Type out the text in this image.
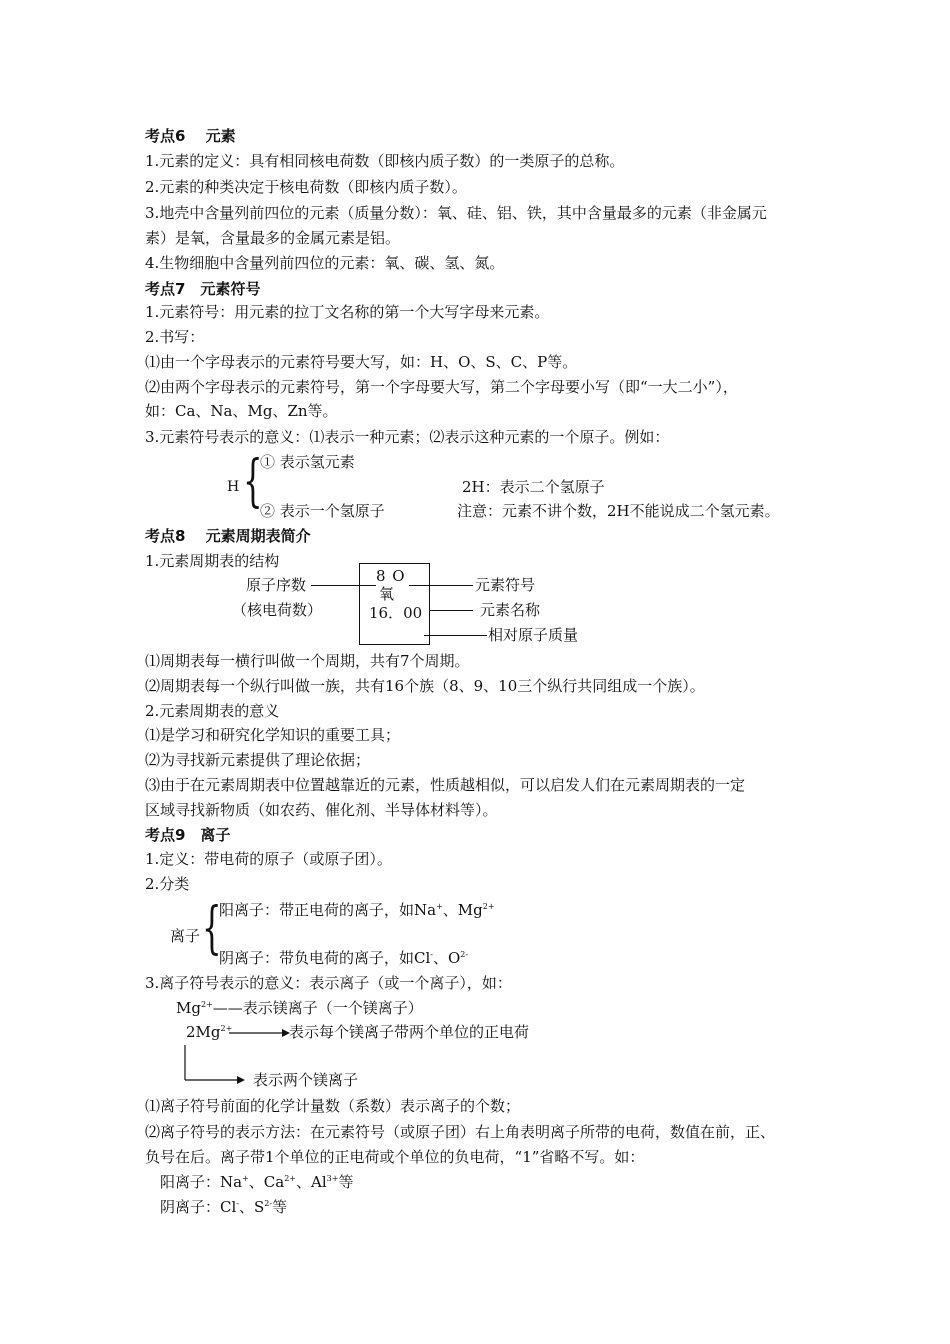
考点6　 元素
1.元素的定义：具有相同核电荷数（即核内质子数）的一类原子的总称。
2.元素的种类决定于核电荷数（即核内质子数）。
3.地壳中含量列前四位的元素（质量分数）：氧、硅、铝、铁，其中含量最多的元素（非金属元
素）是氧，含量最多的金属元素是铝。
4.生物细胞中含量列前四位的元素：氧、碳、氢、氮。
考点7　元素符号
1.元素符号：用元素的拉丁文名称的第一个大写字母来元素。
2.书写：
⑴由一个字母表示的元素符号要大写，如：H、O、S、C、P等。
⑵由两个字母表示的元素符号，第一个字母要大写，第二个字母要小写（即“一大二小”），
如：Ca、Na、Mg、Zn等。
3.元素符号表示的意义：⑴表示一种元素；⑵表示这种元素的一个原子。例如：
H {
① 表示氢元素
② 表示一个氢原子
2H：表示二个氢原子
注意：元素不讲个数，2H不能说成二个氢元素。
考点8　 元素周期表简介
1.元素周期表的结构
8 O
氧
16．00
原子序数
（核电荷数）
元素符号
元素名称
相对原子质量
⑴周期表每一横行叫做一个周期，共有7个周期。
⑵周期表每一个纵行叫做一族，共有16个族（8、9、10三个纵行共同组成一个族）。
2.元素周期表的意义
⑴是学习和研究化学知识的重要工具；
⑵为寻找新元素提供了理论依据；
⑶由于在元素周期表中位置越靠近的元素，性质越相似，可以启发人们在元素周期表的一定
区域寻找新物质（如农药、催化剂、半导体材料等）。
考点9　离子
1.定义：带电荷的原子（或原子团）。
2.分类
离子 {
阳离子：带正电荷的离子，如Na+、$Mg^{2+}$
阴离子：带负电荷的离子，如Cl-、$O^{2-}$
3.离子符号表示的意义：表示离子（或一个离子），如：
$Mg^{2+}——$表示镁离子（一个镁离子）
$2Mg^{2+}$	表示每个镁离子带两个单位的正电荷
表示两个镁离子
⑴离子符号前面的化学计量数（系数）表示离子的个数；
⑵离子符号的表示方法：在元素符号（或原子团）右上角表明离子所带的电荷，数值在前，正、
负号在后。离子带1个单位的正电荷或个单位的负电荷，“1”省略不写。如：
阳离子：Na+、$Ca^{2+}$、$Al^{3+}$等
阴离子：Cl-、$S^{2-}$等
